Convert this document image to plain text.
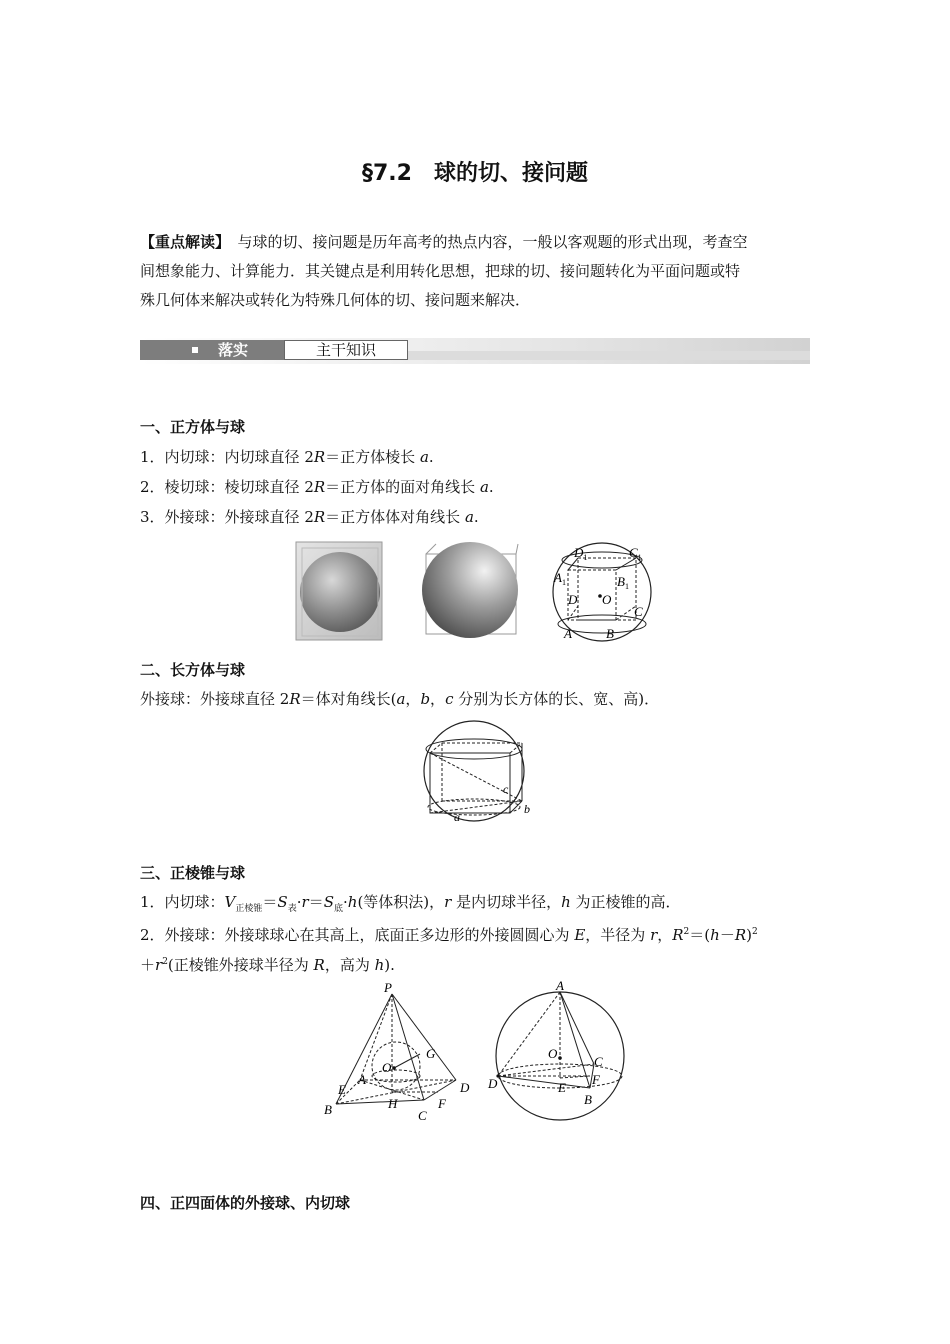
§7.2　球的切、接问题
【重点解读】　 与球的切、接问题是历年高考的热点内容，一般以客观题的形式出现，考查空
间想象能力、计算能力．其关键点是利用转化思想，把球的切、接问题转化为平面问题或特
殊几何体来解决或转化为特殊几何体的切、接问题来解决．
落实	主干知识
一、正方体与球
1．内切球：内切球直径 2R＝正方体棱长 a.
2．棱切球：棱切球直径 2R＝正方体的面对角线长 a.
3．外接球：外接球直径 2R＝正方体体对角线长 a.
$D_1$	$C_1$
$A_1$	$B_1$
D O
C
A	B
二、长方体与球
外接球：外接球直径 2R＝体对角线长(a，b，c 分别为长方体的长、宽、高)．
c
b
a
三、正棱锥与球
1．内切球：$V_{正棱锥}=S_表\cdot r=S_底\cdot h$(等体积法)，r 是内切球半径，h 为正棱锥的高．
2．外接球：外接球球心在其高上，底面正多边形的外接圆圆心为 E，半径为 r，$R^2=(h-R)^2$
$+r^2$(正棱锥外接球半径为 R，高为 h).
P
G
O
A
E	D
B	H	F
C
A
O
C
D	F
E
B
四、正四面体的外接球、内切球
